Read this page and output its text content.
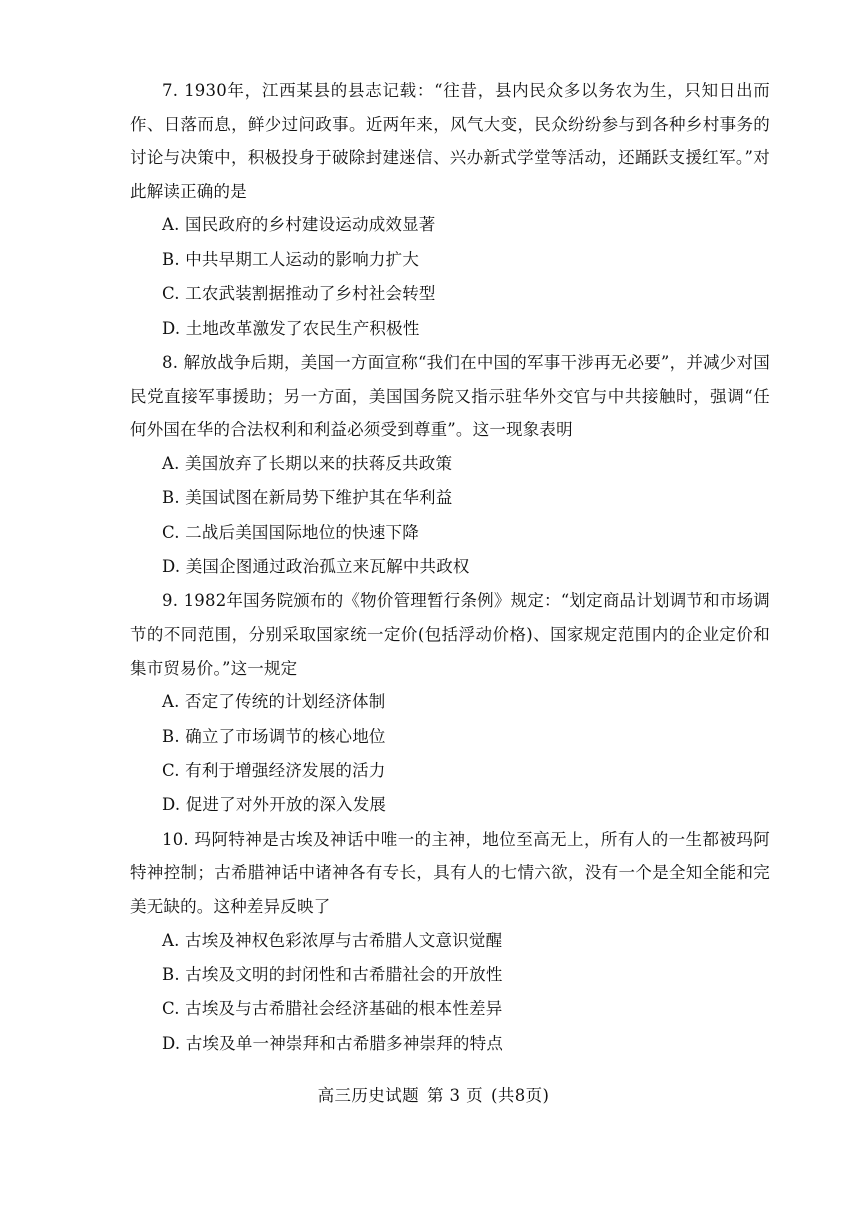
7. 1930年，江西某县的县志记载：“往昔，县内民众多以务农为生，只知日出而作、日落而息，鲜少过问政事。近两年来，风气大变，民众纷纷参与到各种乡村事务的讨论与决策中，积极投身于破除封建迷信、兴办新式学堂等活动，还踊跃支援红军。”对此解读正确的是

A. 国民政府的乡村建设运动成效显著

B. 中共早期工人运动的影响力扩大

C. 工农武装割据推动了乡村社会转型

D. 土地改革激发了农民生产积极性

8. 解放战争后期，美国一方面宣称“我们在中国的军事干涉再无必要”，并减少对国民党直接军事援助；另一方面，美国国务院又指示驻华外交官与中共接触时，强调“任何外国在华的合法权利和利益必须受到尊重”。这一现象表明

A. 美国放弃了长期以来的扶蒋反共政策

B. 美国试图在新局势下维护其在华利益

C. 二战后美国国际地位的快速下降

D. 美国企图通过政治孤立来瓦解中共政权

9. 1982年国务院颁布的《物价管理暂行条例》规定：“划定商品计划调节和市场调节的不同范围，分别采取国家统一定价(包括浮动价格)、国家规定范围内的企业定价和集市贸易价。”这一规定

A. 否定了传统的计划经济体制

B. 确立了市场调节的核心地位

C. 有利于增强经济发展的活力

D. 促进了对外开放的深入发展

10. 玛阿特神是古埃及神话中唯一的主神，地位至高无上，所有人的一生都被玛阿特神控制；古希腊神话中诸神各有专长，具有人的七情六欲，没有一个是全知全能和完美无缺的。这种差异反映了

A. 古埃及神权色彩浓厚与古希腊人文意识觉醒

B. 古埃及文明的封闭性和古希腊社会的开放性

C. 古埃及与古希腊社会经济基础的根本性差异

D. 古埃及单一神崇拜和古希腊多神崇拜的特点

高三历史试题 第 3 页 (共8页)
